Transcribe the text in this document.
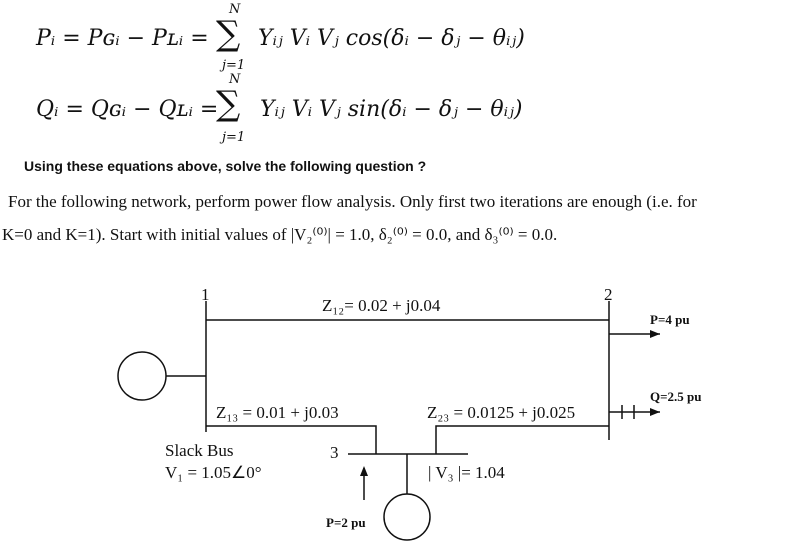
Pᵢ = Pɢᵢ − Pʟᵢ = ∑
N
j=1
Yᵢⱼ Vᵢ Vⱼ cos(δᵢ − δⱼ − θᵢⱼ)
Qᵢ = Qɢᵢ − Qʟᵢ =
∑
N
j=1
Yᵢⱼ Vᵢ Vⱼ sin(δᵢ − δⱼ − θᵢⱼ)
Using these equations above, solve the following question ?
For the following network, perform power flow analysis. Only first two iterations are enough (i.e. for
K=0 and K=1). Start with initial values of |V₂⁽⁰⁾| = 1.0, δ₂⁽⁰⁾ = 0.0, and δ₃⁽⁰⁾ = 0.0.
1	2
Z₁₂= 0.02 + j0.04
P=4 pu
Q=2.5 pu
Z₁₃ = 0.01 + j0.03	Z₂₃ = 0.0125 + j0.025
Slack Bus
V₁ = 1.05∠0°
3
| V₃ |= 1.04
P=2 pu
